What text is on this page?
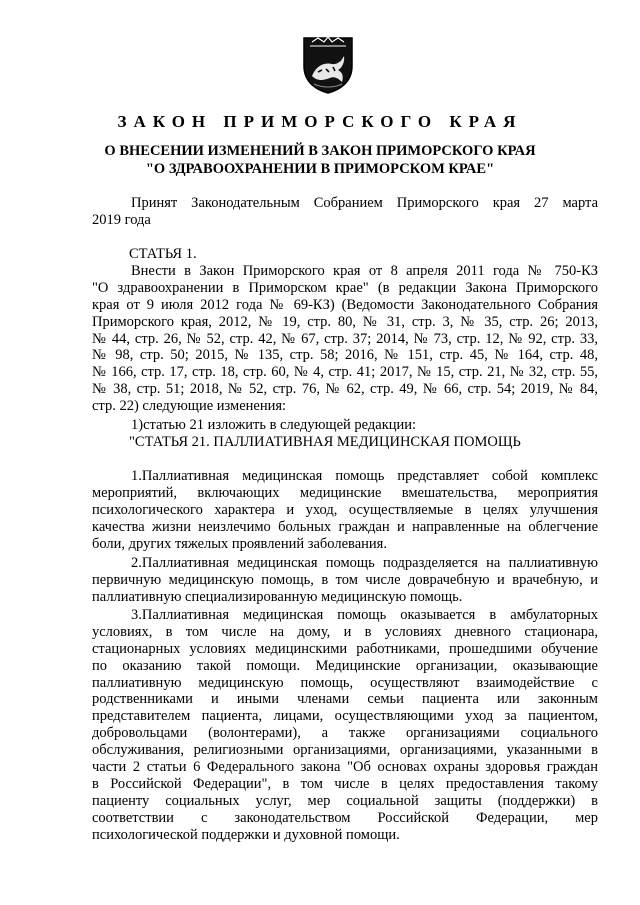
ЗАКОН ПРИМОРСКОГО КРАЯ
О ВНЕСЕНИИ ИЗМЕНЕНИЙ В ЗАКОН ПРИМОРСКОГО КРАЯ
"О ЗДРАВООХРАНЕНИИ В ПРИМОРСКОМ КРАЕ"
Принят Законодательным Собранием Приморского края 27 марта
2019 года
СТАТЬЯ 1.
Внести в Закон Приморского края от 8 апреля 2011 года № 750-КЗ
"О здравоохранении в Приморском крае" (в редакции Закона Приморского
края от 9 июля 2012 года № 69-КЗ) (Ведомости Законодательного Собрания
Приморского края, 2012, № 19, стр. 80, № 31, стр. 3, № 35, стр. 26; 2013,
№ 44, стр. 26, № 52, стр. 42, № 67, стр. 37; 2014, № 73, стр. 12, № 92, стр. 33,
№ 98, стр. 50; 2015, № 135, стр. 58; 2016, № 151, стр. 45, № 164, стр. 48,
№ 166, стр. 17, стр. 18, стр. 60, № 4, стр. 41; 2017, № 15, стр. 21, № 32, стр. 55,
№ 38, стр. 51; 2018, № 52, стр. 76, № 62, стр. 49, № 66, стр. 54; 2019, № 84,
стр. 22) следующие изменения:
1)статью 21 изложить в следующей редакции:
"СТАТЬЯ 21. ПАЛЛИАТИВНАЯ МЕДИЦИНСКАЯ ПОМОЩЬ
1.Паллиативная медицинская помощь представляет собой комплекс
мероприятий, включающих медицинские вмешательства, мероприятия
психологического характера и уход, осуществляемые в целях улучшения
качества жизни неизлечимо больных граждан и направленные на облегчение
боли, других тяжелых проявлений заболевания.
2.Паллиативная медицинская помощь подразделяется на паллиативную
первичную медицинскую помощь, в том числе доврачебную и врачебную, и
паллиативную специализированную медицинскую помощь.
3.Паллиативная медицинская помощь оказывается в амбулаторных
условиях, в том числе на дому, и в условиях дневного стационара,
стационарных условиях медицинскими работниками, прошедшими обучение
по оказанию такой помощи. Медицинские организации, оказывающие
паллиативную медицинскую помощь, осуществляют взаимодействие с
родственниками и иными членами семьи пациента или законным
представителем пациента, лицами, осуществляющими уход за пациентом,
добровольцами (волонтерами), а также организациями социального
обслуживания, религиозными организациями, организациями, указанными в
части 2 статьи 6 Федерального закона "Об основах охраны здоровья граждан
в Российской Федерации", в том числе в целях предоставления такому
пациенту социальных услуг, мер социальной защиты (поддержки) в
соответствии с законодательством Российской Федерации, мер
психологической поддержки и духовной помощи.
